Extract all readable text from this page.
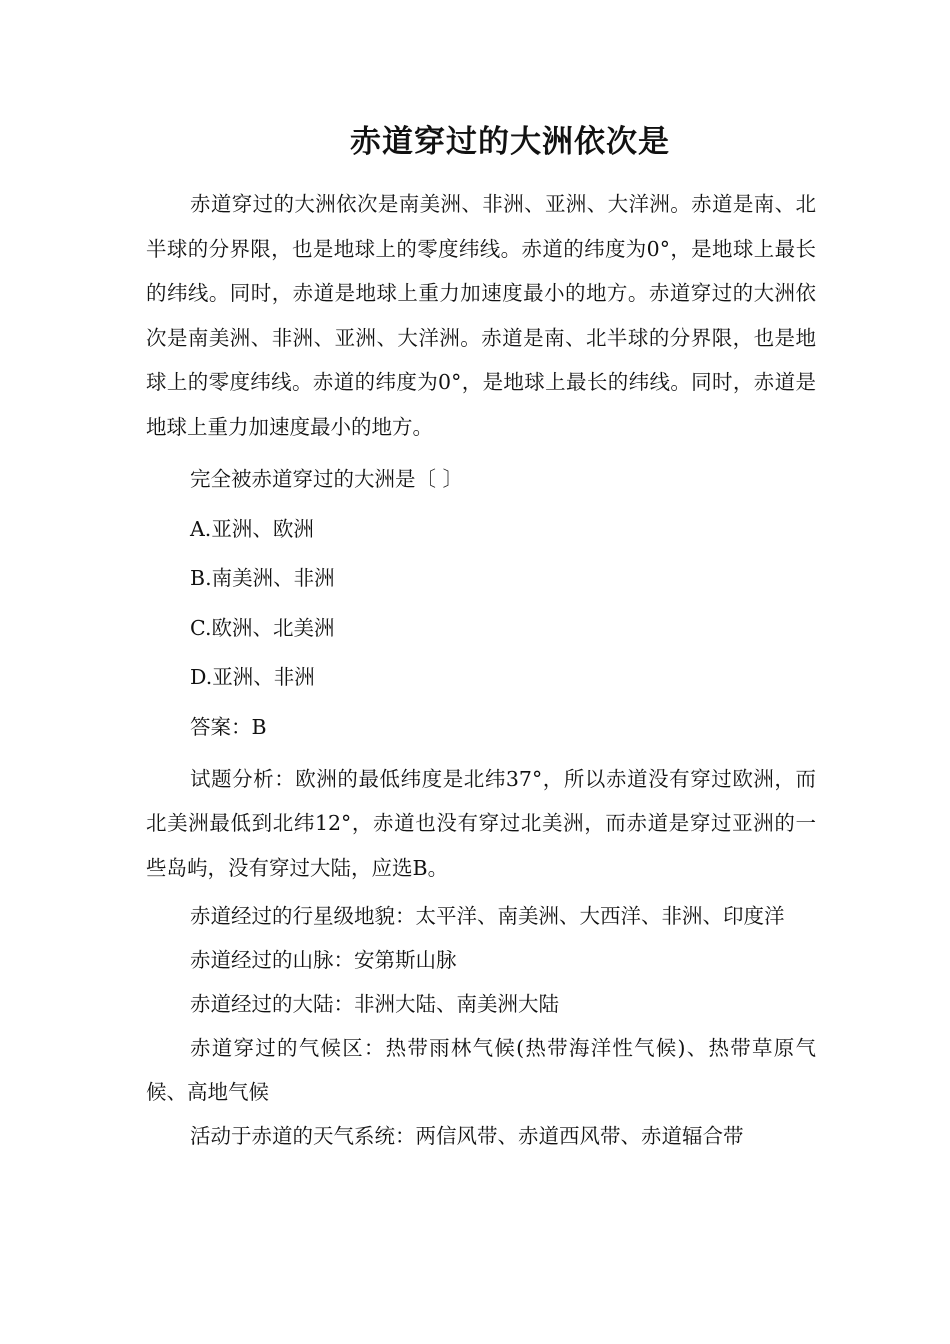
赤道穿过的大洲依次是

赤道穿过的大洲依次是南美洲、非洲、亚洲、大洋洲。赤道是南、北半球的分界限，也是地球上的零度纬线。赤道的纬度为0°，是地球上最长的纬线。同时，赤道是地球上重力加速度最小的地方。赤道穿过的大洲依次是南美洲、非洲、亚洲、大洋洲。赤道是南、北半球的分界限，也是地球上的零度纬线。赤道的纬度为0°，是地球上最长的纬线。同时，赤道是地球上重力加速度最小的地方。

完全被赤道穿过的大洲是〔 〕

A.亚洲、欧洲

B.南美洲、非洲

C.欧洲、北美洲

D.亚洲、非洲

答案：B

试题分析：欧洲的最低纬度是北纬37°，所以赤道没有穿过欧洲，而北美洲最低到北纬12°，赤道也没有穿过北美洲，而赤道是穿过亚洲的一些岛屿，没有穿过大陆，应选B。

赤道经过的行星级地貌：太平洋、南美洲、大西洋、非洲、印度洋

赤道经过的山脉：安第斯山脉

赤道经过的大陆：非洲大陆、南美洲大陆

赤道穿过的气候区：热带雨林气候(热带海洋性气候)、热带草原气候、高地气候

活动于赤道的天气系统：两信风带、赤道西风带、赤道辐合带
